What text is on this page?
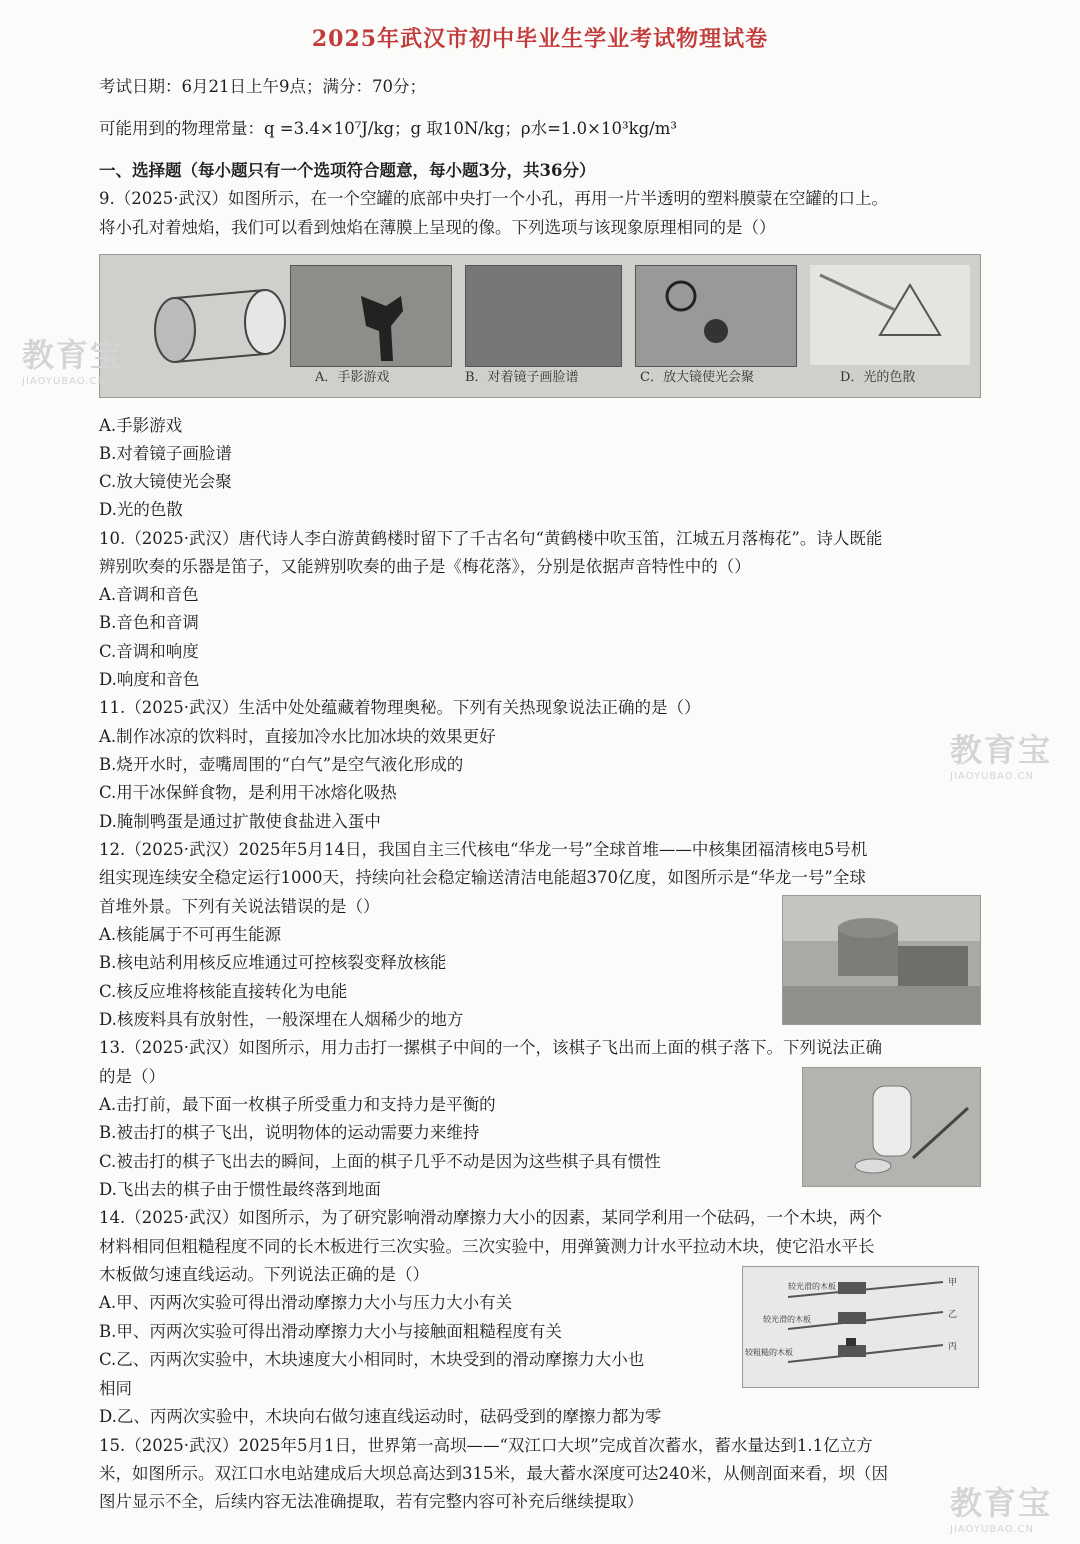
2025年武汉市初中毕业生学业考试物理试卷
考试日期：6月21日上午9点；满分：70分；
可能用到的物理常量：q =3.4×10⁷J/kg；g 取10N/kg；ρ水=1.0×10³kg/m³
一、选择题（每小题只有一个选项符合题意，每小题3分，共36分）
9.（2025·武汉）如图所示，在一个空罐的底部中央打一个小孔，再用一片半透明的塑料膜蒙在空罐的口上。
将小孔对着烛焰，我们可以看到烛焰在薄膜上呈现的像。下列选项与该现象原理相同的是（）
A．手影游戏	B．对着镜子画脸谱	C．放大镜使光会聚	D．光的色散
A.手影游戏
B.对着镜子画脸谱
C.放大镜使光会聚
D.光的色散
10.（2025·武汉）唐代诗人李白游黄鹤楼时留下了千古名句“黄鹤楼中吹玉笛，江城五月落梅花”。诗人既能
辨别吹奏的乐器是笛子，又能辨别吹奏的曲子是《梅花落》，分别是依据声音特性中的（）
A.音调和音色
B.音色和音调
C.音调和响度
D.响度和音色
11.（2025·武汉）生活中处处蕴藏着物理奥秘。下列有关热现象说法正确的是（）
A.制作冰凉的饮料时，直接加冷水比加冰块的效果更好
B.烧开水时，壶嘴周围的“白气”是空气液化形成的
C.用干冰保鲜食物，是利用干冰熔化吸热
D.腌制鸭蛋是通过扩散使食盐进入蛋中
12.（2025·武汉）2025年5月14日，我国自主三代核电“华龙一号”全球首堆——中核集团福清核电5号机
组实现连续安全稳定运行1000天，持续向社会稳定输送清洁电能超370亿度，如图所示是“华龙一号”全球
首堆外景。下列有关说法错误的是（）
A.核能属于不可再生能源
B.核电站利用核反应堆通过可控核裂变释放核能
C.核反应堆将核能直接转化为电能
D.核废料具有放射性，一般深埋在人烟稀少的地方
13.（2025·武汉）如图所示，用力击打一摞棋子中间的一个，该棋子飞出而上面的棋子落下。下列说法正确
的是（）
A.击打前，最下面一枚棋子所受重力和支持力是平衡的
B.被击打的棋子飞出，说明物体的运动需要力来维持
C.被击打的棋子飞出去的瞬间，上面的棋子几乎不动是因为这些棋子具有惯性
D.飞出去的棋子由于惯性最终落到地面
14.（2025·武汉）如图所示，为了研究影响滑动摩擦力大小的因素，某同学利用一个砝码，一个木块，两个
材料相同但粗糙程度不同的长木板进行三次实验。三次实验中，用弹簧测力计水平拉动木块，使它沿水平长
木板做匀速直线运动。下列说法正确的是（）
A.甲、丙两次实验可得出滑动摩擦力大小与压力大小有关
B.甲、丙两次实验可得出滑动摩擦力大小与接触面粗糙程度有关
C.乙、丙两次实验中，木块速度大小相同时，木块受到的滑动摩擦力大小也
相同
D.乙、丙两次实验中，木块向右做匀速直线运动时，砝码受到的摩擦力都为零
较光滑的木板
较光滑的木板
较粗糙的木板
甲
乙
丙
15.（2025·武汉）2025年5月1日，世界第一高坝——“双江口大坝”完成首次蓄水，蓄水量达到1.1亿立方
米，如图所示。双江口水电站建成后大坝总高达到315米，最大蓄水深度可达240米，从侧剖面来看，坝（因
图片显示不全，后续内容无法准确提取，若有完整内容可补充后继续提取）
教育宝
JIAOYUBAO.CN
教育宝
JIAOYUBAO.CN
教育宝
JIAOYUBAO.CN
